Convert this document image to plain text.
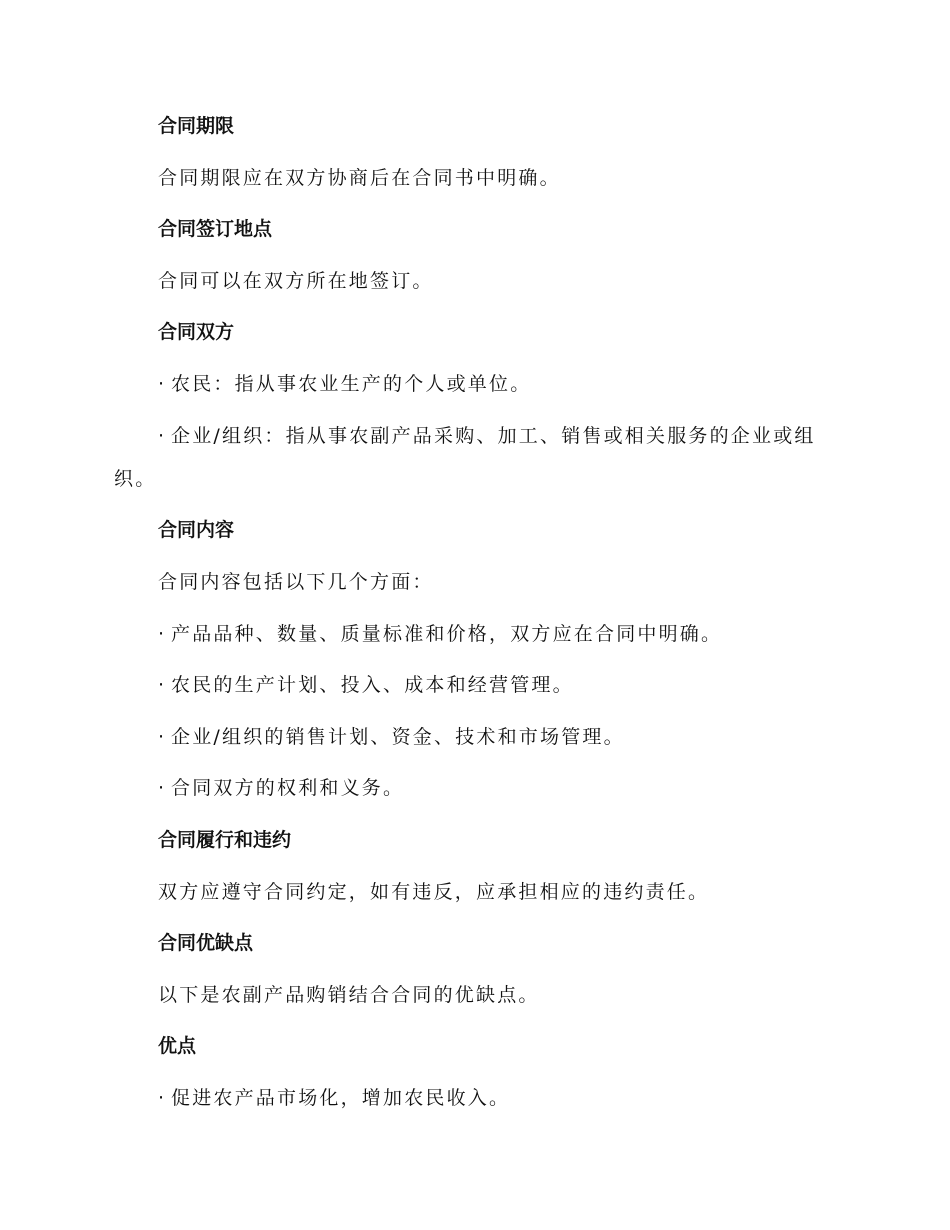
合同期限
合同期限应在双方协商后在合同书中明确。
合同签订地点
合同可以在双方所在地签订。
合同双方
· 农民：指从事农业生产的个人或单位。
· 企业/组织：指从事农副产品采购、加工、销售或相关服务的企业或组
织。
合同内容
合同内容包括以下几个方面：
· 产品品种、数量、质量标准和价格，双方应在合同中明确。
· 农民的生产计划、投入、成本和经营管理。
· 企业/组织的销售计划、资金、技术和市场管理。
· 合同双方的权利和义务。
合同履行和违约
双方应遵守合同约定，如有违反，应承担相应的违约责任。
合同优缺点
以下是农副产品购销结合合同的优缺点。
优点
· 促进农产品市场化，增加农民收入。
